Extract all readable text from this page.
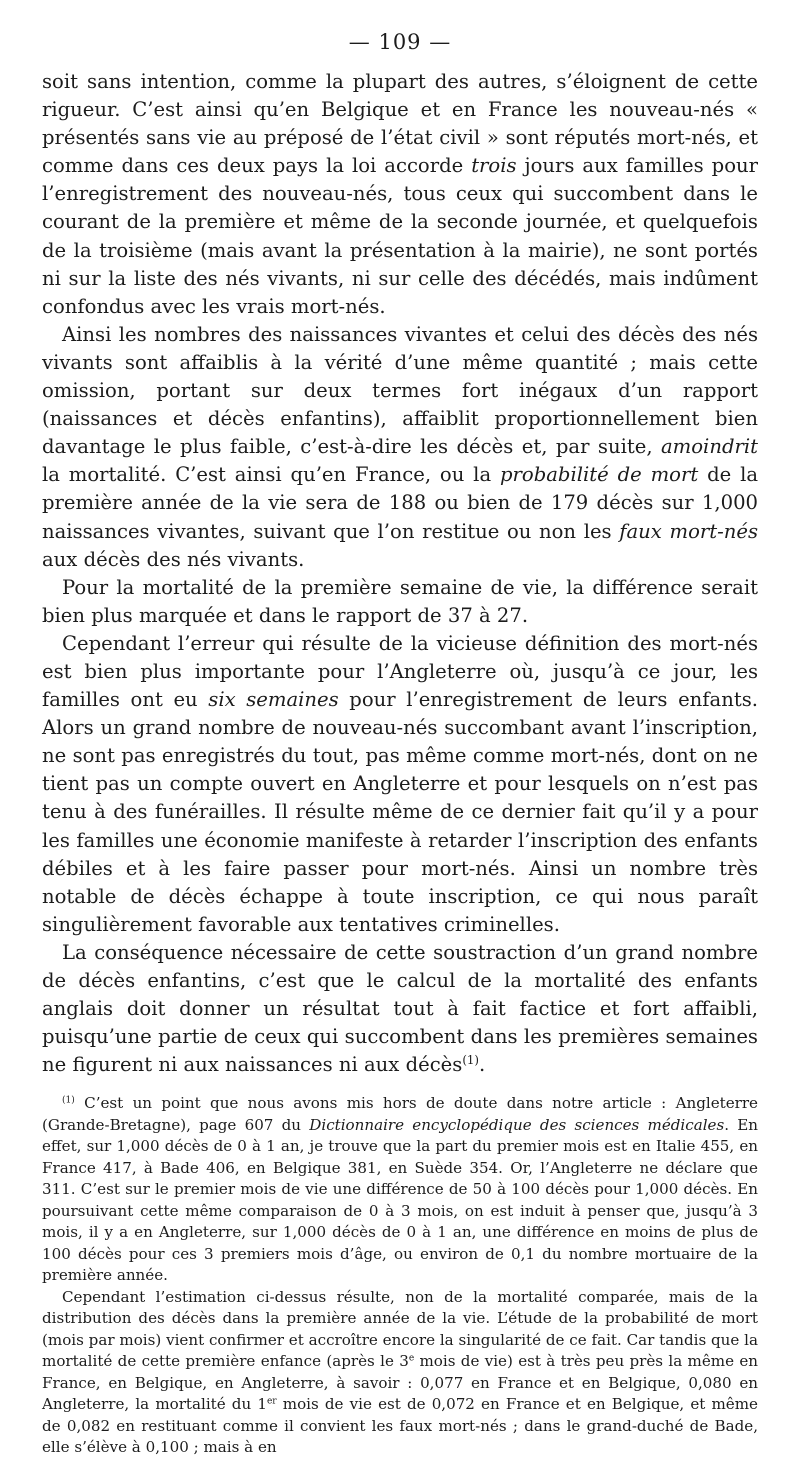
— 109 —

soit sans intention, comme la plupart des autres, s’éloignent de cette rigueur. C’est ainsi qu’en Belgique et en France les nouveau-nés « présentés sans vie au préposé de l’état civil » sont réputés mort-nés, et comme dans ces deux pays la loi accorde trois jours aux familles pour l’enregistrement des nouveau-nés, tous ceux qui succombent dans le courant de la première et même de la seconde journée, et quelquefois de la troisième (mais avant la présentation à la mairie), ne sont portés ni sur la liste des nés vivants, ni sur celle des décédés, mais indûment confondus avec les vrais mort-nés.

Ainsi les nombres des naissances vivantes et celui des décès des nés vivants sont affaiblis à la vérité d’une même quantité ; mais cette omission, portant sur deux termes fort inégaux d’un rapport (naissances et décès enfantins), affaiblit proportionnellement bien davantage le plus faible, c’est-à-dire les décès et, par suite, amoindrit la mortalité. C’est ainsi qu’en France, ou la probabilité de mort de la première année de la vie sera de 188 ou bien de 179 décès sur 1,000 naissances vivantes, suivant que l’on restitue ou non les faux mort-nés aux décès des nés vivants.

Pour la mortalité de la première semaine de vie, la différence serait bien plus marquée et dans le rapport de 37 à 27.

Cependant l’erreur qui résulte de la vicieuse définition des mort-nés est bien plus importante pour l’Angleterre où, jusqu’à ce jour, les familles ont eu six semaines pour l’enregistrement de leurs enfants. Alors un grand nombre de nouveau-nés succombant avant l’inscription, ne sont pas enregistrés du tout, pas même comme mort-nés, dont on ne tient pas un compte ouvert en Angleterre et pour lesquels on n’est pas tenu à des funérailles. Il résulte même de ce dernier fait qu’il y a pour les familles une économie manifeste à retarder l’inscription des enfants débiles et à les faire passer pour mort-nés. Ainsi un nombre très notable de décès échappe à toute inscription, ce qui nous paraît singulièrement favorable aux tentatives criminelles.

La conséquence nécessaire de cette soustraction d’un grand nombre de décès enfantins, c’est que le calcul de la mortalité des enfants anglais doit donner un résultat tout à fait factice et fort affaibli, puisqu’une partie de ceux qui succombent dans les premières semaines ne figurent ni aux naissances ni aux décès$^{(1)}$.

$^{(1)}$ C’est un point que nous avons mis hors de doute dans notre article : Angleterre (Grande-Bretagne), page 607 du Dictionnaire encyclopédique des sciences médicales. En effet, sur 1,000 décès de 0 à 1 an, je trouve que la part du premier mois est en Italie 455, en France 417, à Bade 406, en Belgique 381, en Suède 354. Or, l’Angleterre ne déclare que 311. C’est sur le premier mois de vie une différence de 50 à 100 décès pour 1,000 décès. En poursuivant cette même comparaison de 0 à 3 mois, on est induit à penser que, jusqu’à 3 mois, il y a en Angleterre, sur 1,000 décès de 0 à 1 an, une différence en moins de plus de 100 décès pour ces 3 premiers mois d’âge, ou environ de 0,1 du nombre mortuaire de la première année.

Cependant l’estimation ci-dessus résulte, non de la mortalité comparée, mais de la distribution des décès dans la première année de la vie. L’étude de la probabilité de mort (mois par mois) vient confirmer et accroître encore la singularité de ce fait. Car tandis que la mortalité de cette première enfance (après le 3e mois de vie) est à très peu près la même en France, en Belgique, en Angleterre, à savoir : 0,077 en France et en Belgique, 0,080 en Angleterre, la mortalité du 1er mois de vie est de 0,072 en France et en Belgique, et même de 0,082 en restituant comme il convient les faux mort-nés ; dans le grand-duché de Bade, elle s’élève à 0,100 ; mais à en
